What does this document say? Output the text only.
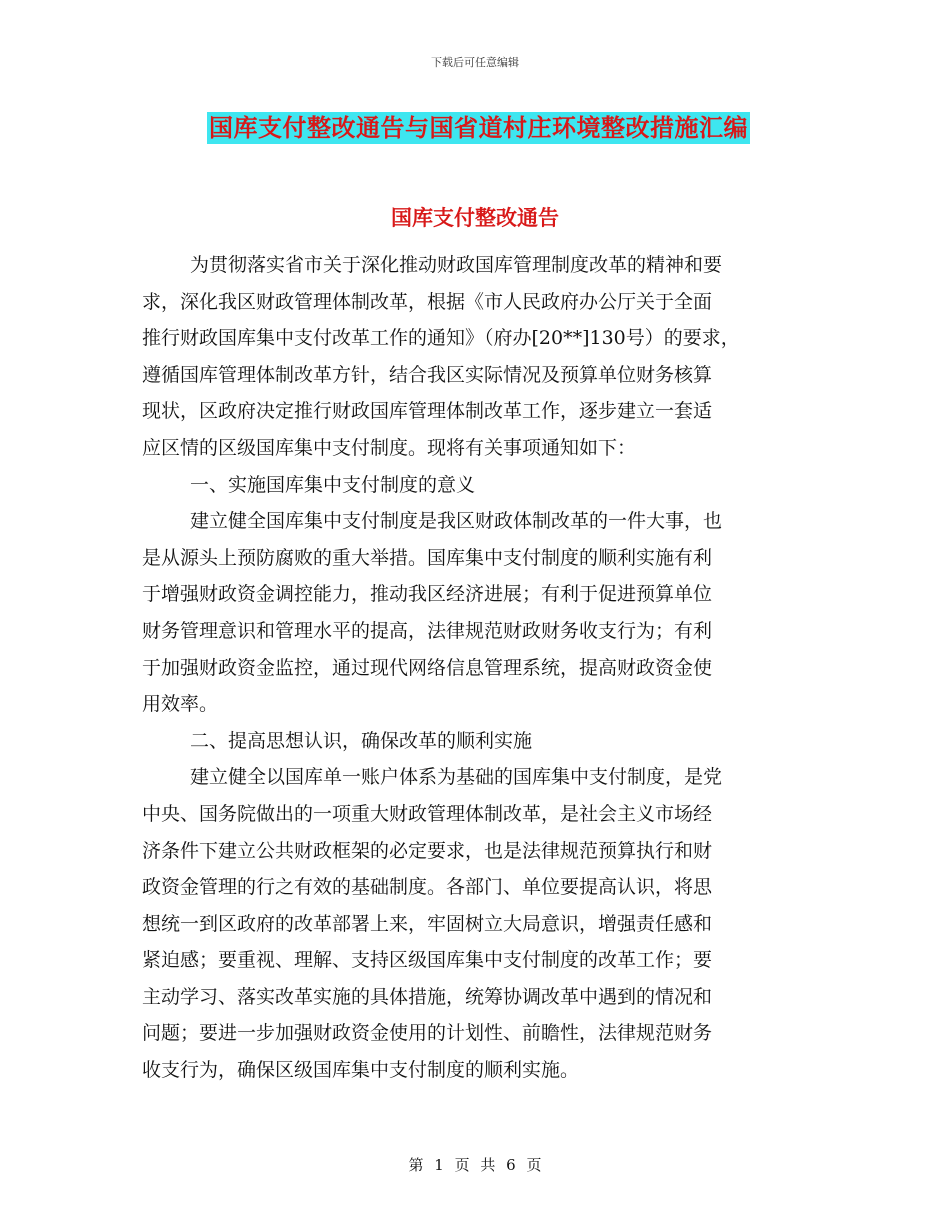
下载后可任意编辑
国库支付整改通告与国省道村庄环境整改措施汇编
国库支付整改通告
为贯彻落实省市关于深化推动财政国库管理制度改革的精神和要
求，深化我区财政管理体制改革，根据《市人民政府办公厅关于全面
推行财政国库集中支付改革工作的通知》（府办[20**]130号）的要求，
遵循国库管理体制改革方针，结合我区实际情况及预算单位财务核算
现状，区政府决定推行财政国库管理体制改革工作，逐步建立一套适
应区情的区级国库集中支付制度。现将有关事项通知如下：
一、实施国库集中支付制度的意义
建立健全国库集中支付制度是我区财政体制改革的一件大事，也
是从源头上预防腐败的重大举措。国库集中支付制度的顺利实施有利
于增强财政资金调控能力，推动我区经济进展；有利于促进预算单位
财务管理意识和管理水平的提高，法律规范财政财务收支行为；有利
于加强财政资金监控，通过现代网络信息管理系统，提高财政资金使
用效率。
二、提高思想认识，确保改革的顺利实施
建立健全以国库单一账户体系为基础的国库集中支付制度，是党
中央、国务院做出的一项重大财政管理体制改革，是社会主义市场经
济条件下建立公共财政框架的必定要求，也是法律规范预算执行和财
政资金管理的行之有效的基础制度。各部门、单位要提高认识，将思
想统一到区政府的改革部署上来，牢固树立大局意识，增强责任感和
紧迫感；要重视、理解、支持区级国库集中支付制度的改革工作；要
主动学习、落实改革实施的具体措施，统筹协调改革中遇到的情况和
问题；要进一步加强财政资金使用的计划性、前瞻性，法律规范财务
收支行为，确保区级国库集中支付制度的顺利实施。
第 1 页 共 6 页
